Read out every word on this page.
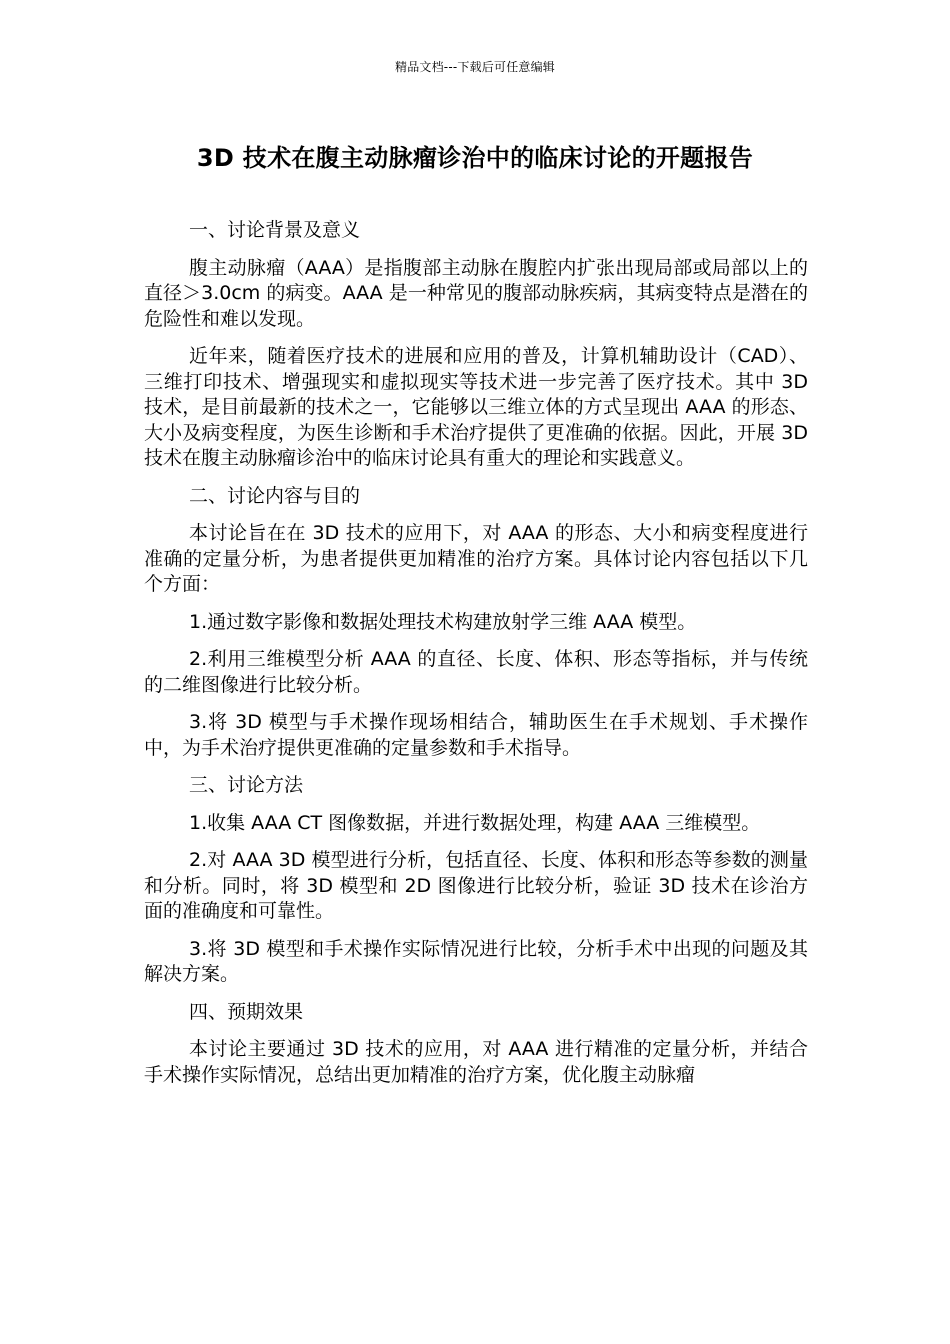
精品文档---下载后可任意编辑
3D 技术在腹主动脉瘤诊治中的临床讨论的开题报告

一、讨论背景及意义

腹主动脉瘤（AAA）是指腹部主动脉在腹腔内扩张出现局部或局部以上的直径＞3.0cm 的病变。AAA 是一种常见的腹部动脉疾病，其病变特点是潜在的危险性和难以发现。

近年来，随着医疗技术的进展和应用的普及，计算机辅助设计（CAD）、三维打印技术、增强现实和虚拟现实等技术进一步完善了医疗技术。其中 3D 技术，是目前最新的技术之一，它能够以三维立体的方式呈现出 AAA 的形态、大小及病变程度，为医生诊断和手术治疗提供了更准确的依据。因此，开展 3D 技术在腹主动脉瘤诊治中的临床讨论具有重大的理论和实践意义。

二、讨论内容与目的

本讨论旨在在 3D 技术的应用下，对 AAA 的形态、大小和病变程度进行准确的定量分析，为患者提供更加精准的治疗方案。具体讨论内容包括以下几个方面：

1.通过数字影像和数据处理技术构建放射学三维 AAA 模型。

2.利用三维模型分析 AAA 的直径、长度、体积、形态等指标，并与传统的二维图像进行比较分析。

3.将 3D 模型与手术操作现场相结合，辅助医生在手术规划、手术操作中，为手术治疗提供更准确的定量参数和手术指导。

三、讨论方法

1.收集 AAA CT 图像数据，并进行数据处理，构建 AAA 三维模型。

2.对 AAA 3D 模型进行分析，包括直径、长度、体积和形态等参数的测量和分析。同时，将 3D 模型和 2D 图像进行比较分析，验证 3D 技术在诊治方面的准确度和可靠性。

3.将 3D 模型和手术操作实际情况进行比较，分析手术中出现的问题及其解决方案。

四、预期效果

本讨论主要通过 3D 技术的应用，对 AAA 进行精准的定量分析，并结合手术操作实际情况，总结出更加精准的治疗方案，优化腹主动脉瘤
